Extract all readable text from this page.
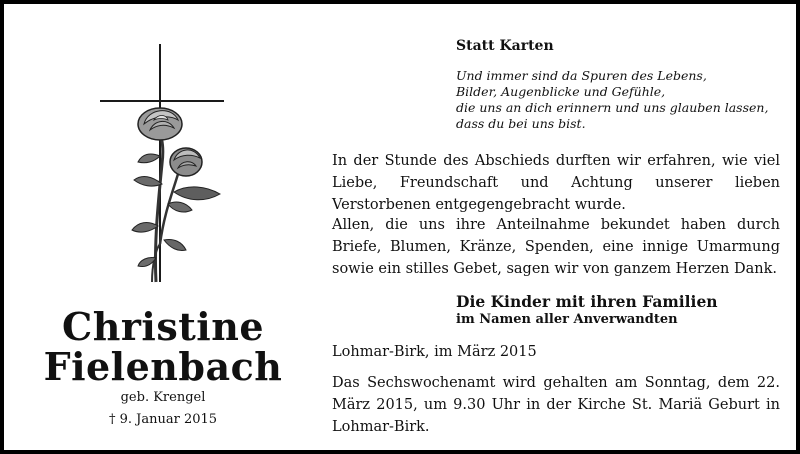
Christine
Fielenbach
geb. Krengel
† 9. Januar 2015
Statt Karten
Und immer sind da Spuren des Lebens,
Bilder, Augenblicke und Gefühle,
die uns an dich erinnern und uns glauben lassen,
dass du bei uns bist.
In der Stunde des Abschieds durften wir erfahren, wie viel Liebe, Freundschaft und Achtung unserer lieben Verstorbenen entgegengebracht wurde.
Allen, die uns ihre Anteilnahme bekundet haben durch Briefe, Blumen, Kränze, Spenden, eine innige Umarmung sowie ein stilles Gebet, sagen wir von ganzem Herzen Dank.
Die Kinder mit ihren Familien
im Namen aller Anverwandten
Lohmar-Birk, im März 2015
Das Sechswochenamt wird gehalten am Sonntag, dem 22. März 2015, um 9.30 Uhr in der Kirche St. Mariä Geburt in Lohmar-Birk.
